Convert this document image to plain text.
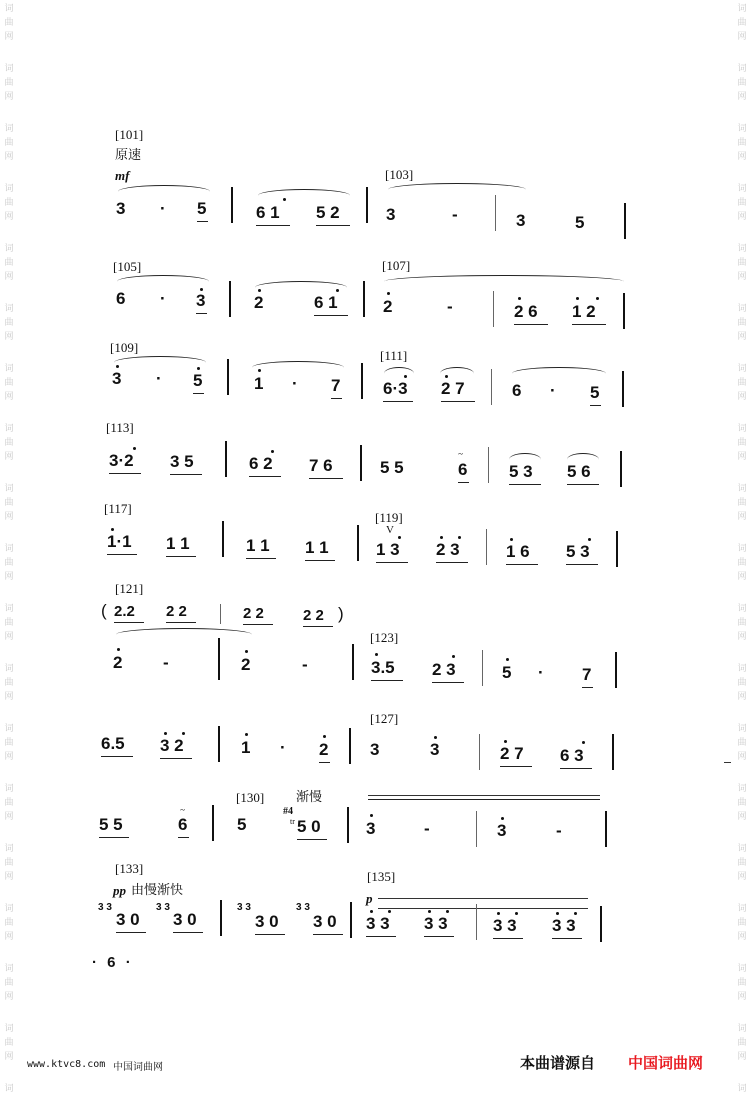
词
曲
网
词
曲
网
词
曲
网
词
曲
网
词
曲
网
词
曲
网
词
曲
网
词
曲
网
词
曲
网
词
曲
网
词
曲
网
词
曲
网
词
曲
网
词
曲
网
词
曲
网
词
曲
网
词
曲
网
词
曲
网
词
词
曲
网
词
曲
网
词
曲
网
词
曲
网
词
曲
网
词
曲
网
词
曲
网
词
曲
网
词
曲
网
词
曲
网
词
曲
网
词
曲
网
词
曲
网
词
曲
网
词
曲
网
词
曲
网
词
曲
网
词
曲
网
词
[101]
原速
mf	[103]
3 · 5	6 1 5 2	3	-	3	5
[105]	[107]
6 · 3	2	6 1	2	-	2 6 1 2
[109]
[111]
3 · 5	1 · 7	6·3 2 7	6 · 5
[113]
3·2 3 5	6 2 7 6	5 5
~
6 5 3 5 6
[117]
[119]
V
1·1 1 1	1 1 1 1	1 3 2 3	1 6 5 3
[121]
( 2.2 2 2	2 2	2 2 )
[123]
2 -	2	-	3.5 2 3	5 · 7
[127]
6.5 3 2	1 · 2 3	3	2 7 6 3
[130] 渐慢
#4
tr
5 5
~
6	5	5 0	3	-	3	-
[133]
pp 由慢渐快
[135]
p
3 3
3 0
3 3
3 0
3 3
3 0
3 3
3 0 3 3 3 3	3 3 3 3
· 6 ·
www.ktvc8.com 中国词曲网	本曲谱源自 中国词曲网
